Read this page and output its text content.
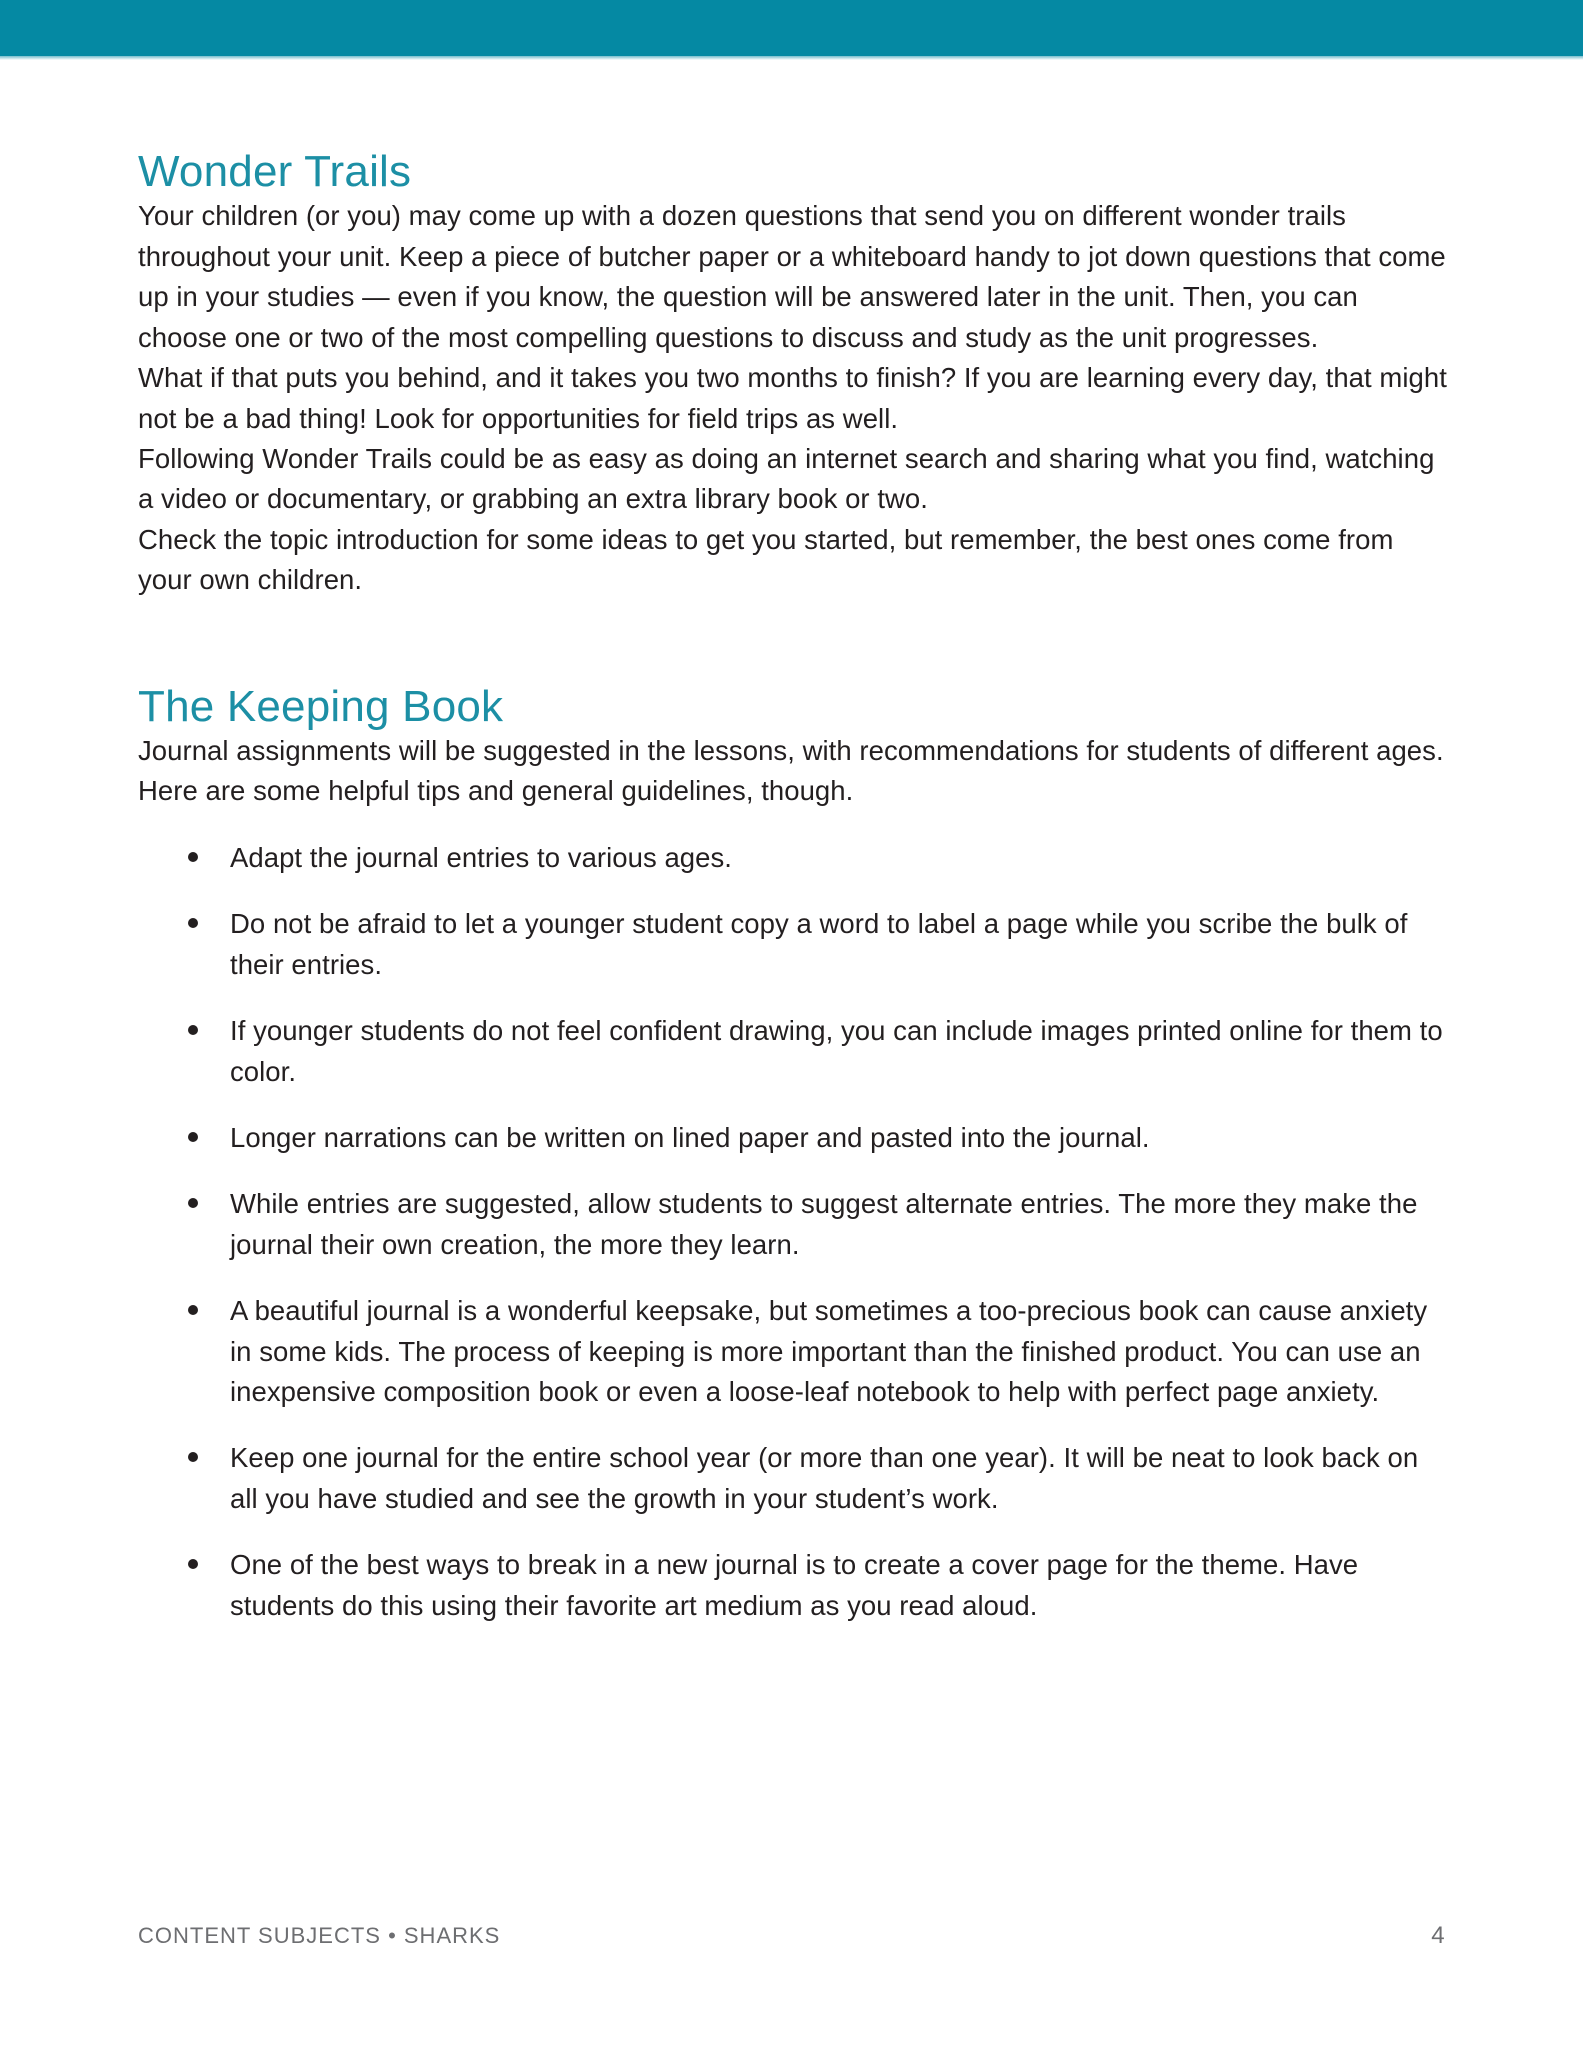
Wonder Trails

Your children (or you) may come up with a dozen questions that send you on different wonder trails throughout your unit. Keep a piece of butcher paper or a whiteboard handy to jot down questions that come up in your studies — even if you know, the question will be answered later in the unit. Then, you can choose one or two of the most compelling questions to discuss and study as the unit progresses.

What if that puts you behind, and it takes you two months to finish? If you are learning every day, that might not be a bad thing! Look for opportunities for field trips as well.

Following Wonder Trails could be as easy as doing an internet search and sharing what you find, watching a video or documentary, or grabbing an extra library book or two.

Check the topic introduction for some ideas to get you started, but remember, the best ones come from your own children.

The Keeping Book

Journal assignments will be suggested in the lessons, with recommendations for students of different ages. Here are some helpful tips and general guidelines, though.

Adapt the journal entries to various ages.
Do not be afraid to let a younger student copy a word to label a page while you scribe the bulk of their entries.
If younger students do not feel confident drawing, you can include images printed online for them to color.
Longer narrations can be written on lined paper and pasted into the journal.
While entries are suggested, allow students to suggest alternate entries. The more they make the journal their own creation, the more they learn.
A beautiful journal is a wonderful keepsake, but sometimes a too-precious book can cause anxiety in some kids. The process of keeping is more important than the finished product. You can use an inexpensive composition book or even a loose-leaf notebook to help with perfect page anxiety.
Keep one journal for the entire school year (or more than one year). It will be neat to look back on all you have studied and see the growth in your student’s work.
One of the best ways to break in a new journal is to create a cover page for the theme. Have students do this using their favorite art medium as you read aloud.
CONTENT SUBJECTS • SHARKS	4
